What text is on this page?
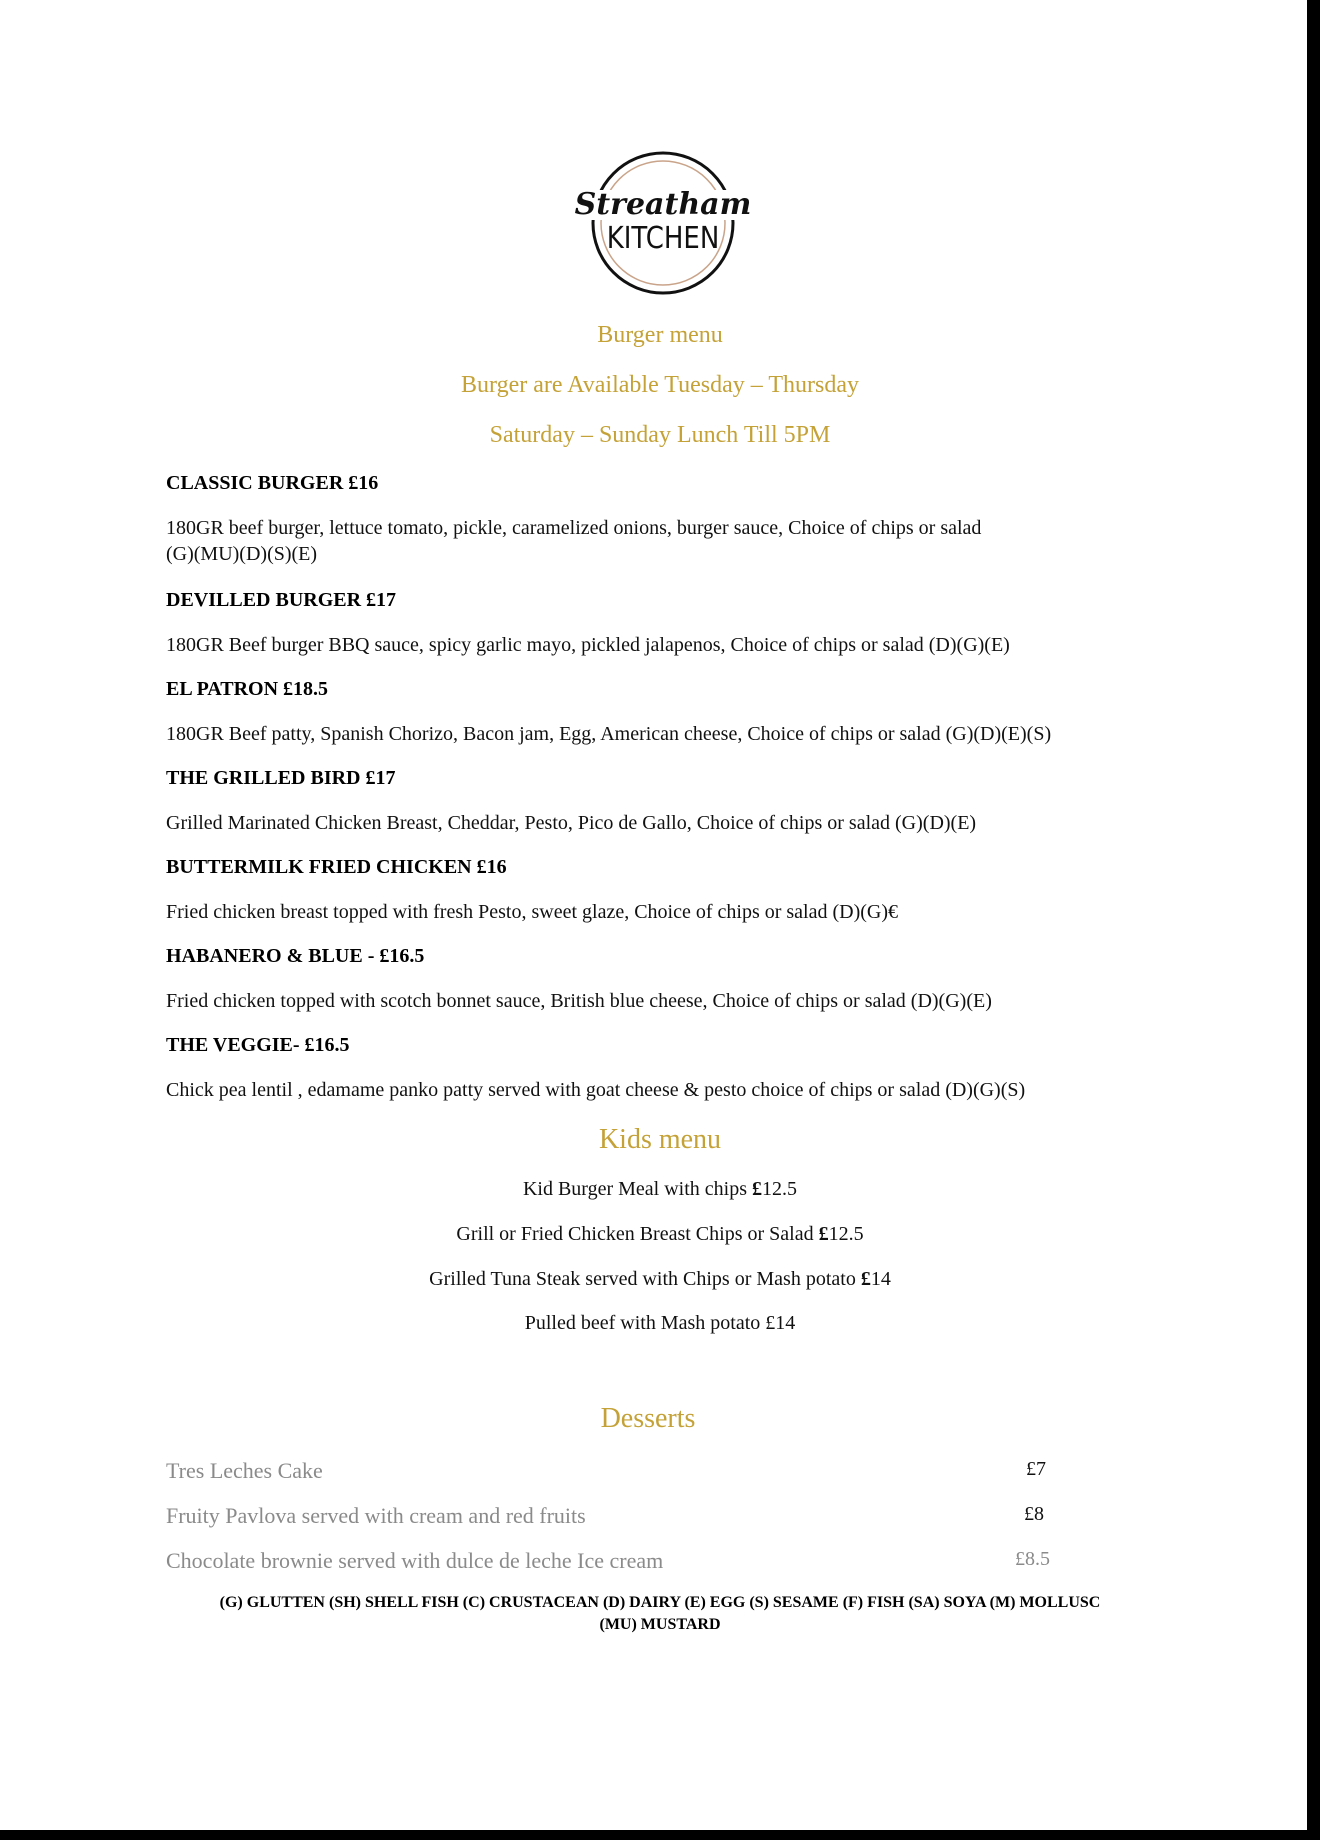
Streatham
KITCHEN
Burger menu
Burger are Available Tuesday – Thursday
Saturday – Sunday Lunch Till 5PM
CLASSIC BURGER £16
180GR beef burger, lettuce tomato, pickle, caramelized onions, burger sauce, Choice of chips or salad
(G)(MU)(D)(S)(E)
DEVILLED BURGER £17
180GR Beef burger BBQ sauce, spicy garlic mayo, pickled jalapenos, Choice of chips or salad (D)(G)(E)
EL PATRON £18.5
180GR Beef patty, Spanish Chorizo, Bacon jam, Egg, American cheese, Choice of chips or salad (G)(D)(E)(S)
THE GRILLED BIRD £17
Grilled Marinated Chicken Breast, Cheddar, Pesto, Pico de Gallo, Choice of chips or salad (G)(D)(E)
BUTTERMILK FRIED CHICKEN £16
Fried chicken breast topped with fresh Pesto, sweet glaze, Choice of chips or salad (D)(G)€
HABANERO & BLUE - £16.5
Fried chicken topped with scotch bonnet sauce, British blue cheese, Choice of chips or salad (D)(G)(E)
THE VEGGIE- £16.5
Chick pea lentil , edamame panko patty served with goat cheese & pesto choice of chips or salad (D)(G)(S)
Kids menu
Kid Burger Meal with chips £12.5
Grill or Fried Chicken Breast Chips or Salad £12.5
Grilled Tuna Steak served with Chips or Mash potato £14
Pulled beef with Mash potato £14
Desserts
Tres Leches Cake	£7
Fruity Pavlova served with cream and red fruits	£8
Chocolate brownie served with dulce de leche Ice cream	£8.5
(G) GLUTTEN (SH) SHELL FISH (C) CRUSTACEAN (D) DAIRY (E) EGG (S) SESAME (F) FISH (SA) SOYA (M) MOLLUSC
(MU) MUSTARD
